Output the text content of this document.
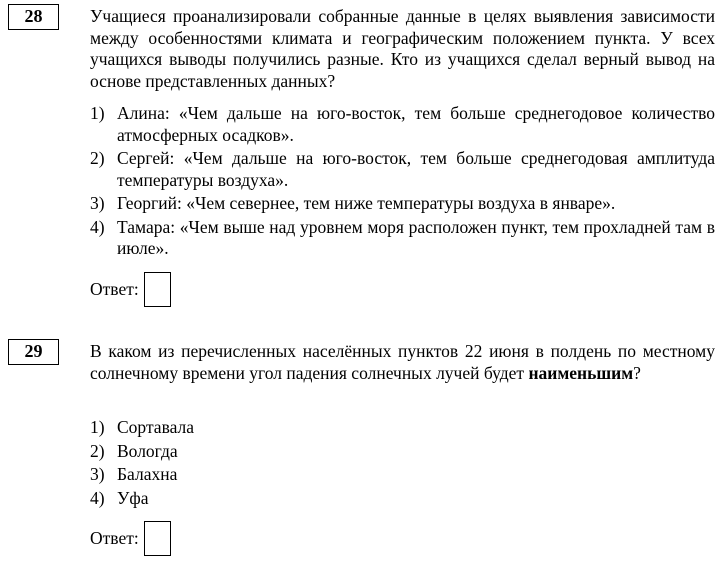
28	Учащиеся проанализировали собранные данные в целях выявления зависимости между особенностями климата и географическим положением пункта. У всех учащихся выводы получились разные. Кто из учащихся сделал верный вывод на основе представленных данных?

1) Алина: «Чем дальше на юго-восток, тем больше среднегодовое количество атмосферных осадков».
2) Сергей: «Чем дальше на юго-восток, тем больше среднегодовая амплитуда температуры воздуха».
3) Георгий: «Чем севернее, тем ниже температуры воздуха в январе».
4) Тамара: «Чем выше над уровнем моря расположен пункт, тем прохладней там в июле».
Ответ:
29	В каком из перечисленных населённых пунктов 22 июня в полдень по местному солнечному времени угол падения солнечных лучей будет наименьшим?

1) Сортавала
2) Вологда
3) Балахна
4) Уфа
Ответ:
